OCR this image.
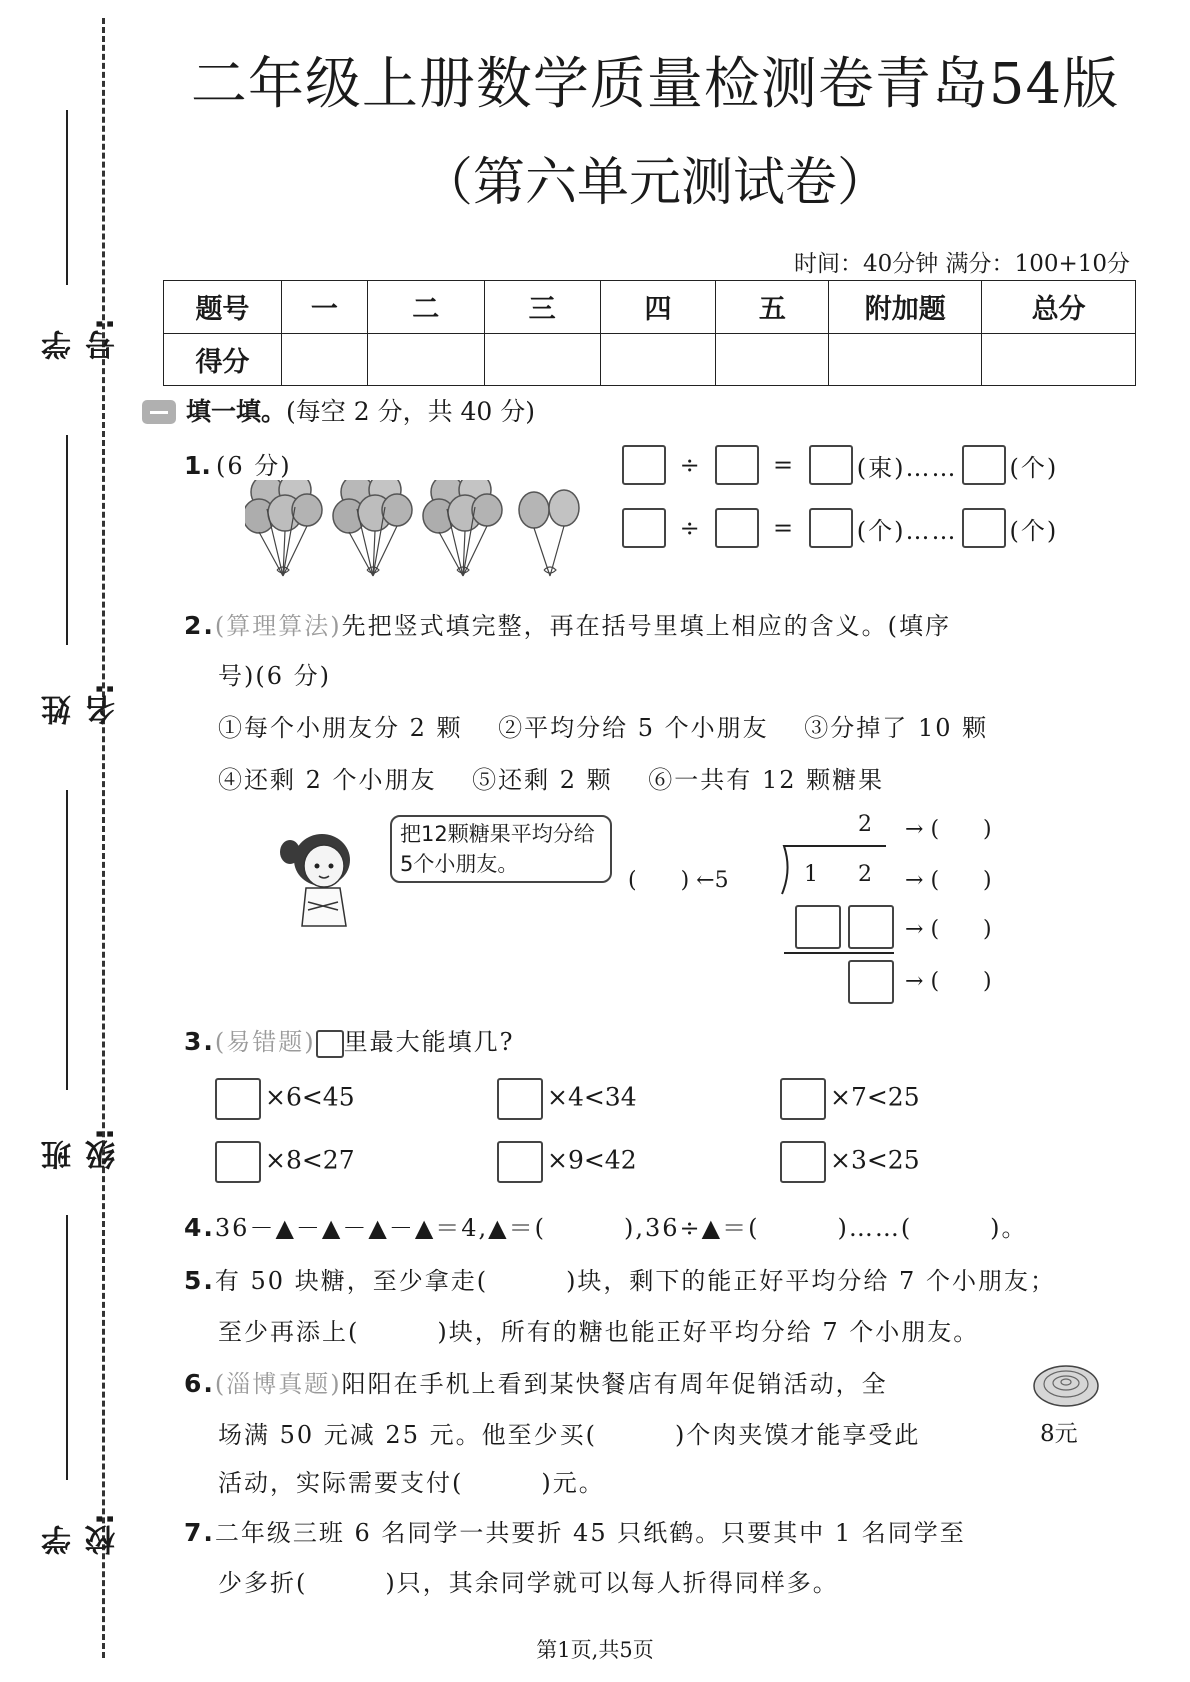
学号:
姓名:
班级:
学校:
二年级上册数学质量检测卷青岛54版
（第六单元测试卷）
时间：40分钟 满分：100+10分
题号	一	二	三	四	五	附加题	总分
得分							
填一填。(每空 2 分，共 40 分)
1. (6 分)	÷	=	(束)…… (个)
÷	=	(个)…… (个)
2.(算理算法)先把竖式填完整，再在括号里填上相应的含义。(填序
号)(6 分)
①每个小朋友分 2 颗　 ②平均分给 5 个小朋友　 ③分掉了 10 颗
④还剩 2 个小朋友　 ⑤还剩 2 颗　 ⑥一共有 12 颗糖果
把12颗糖果平均分给5个小朋友。
2 → (　　)
(　　) ←5	1 2 → (　　)
→ (　　)
→ (　　)
3.(易错题) 里最大能填几?
×6<45	×4<34	×7<25
×8<27	×9<42	×3<25
4.36－▲－▲－▲－▲＝4,▲＝(　　　),36÷▲＝(　　　)……(　　　)。
5.有 50 块糖，至少拿走(　　　)块，剩下的能正好平均分给 7 个小朋友；
至少再添上(　　　)块，所有的糖也能正好平均分给 7 个小朋友。
6.(淄博真题)阳阳在手机上看到某快餐店有周年促销活动，全
场满 50 元减 25 元。他至少买(　　　)个肉夹馍才能享受此
活动，实际需要支付(　　　)元。
8元
7.二年级三班 6 名同学一共要折 45 只纸鹤。只要其中 1 名同学至
少多折(　　　)只，其余同学就可以每人折得同样多。
第1页,共5页
